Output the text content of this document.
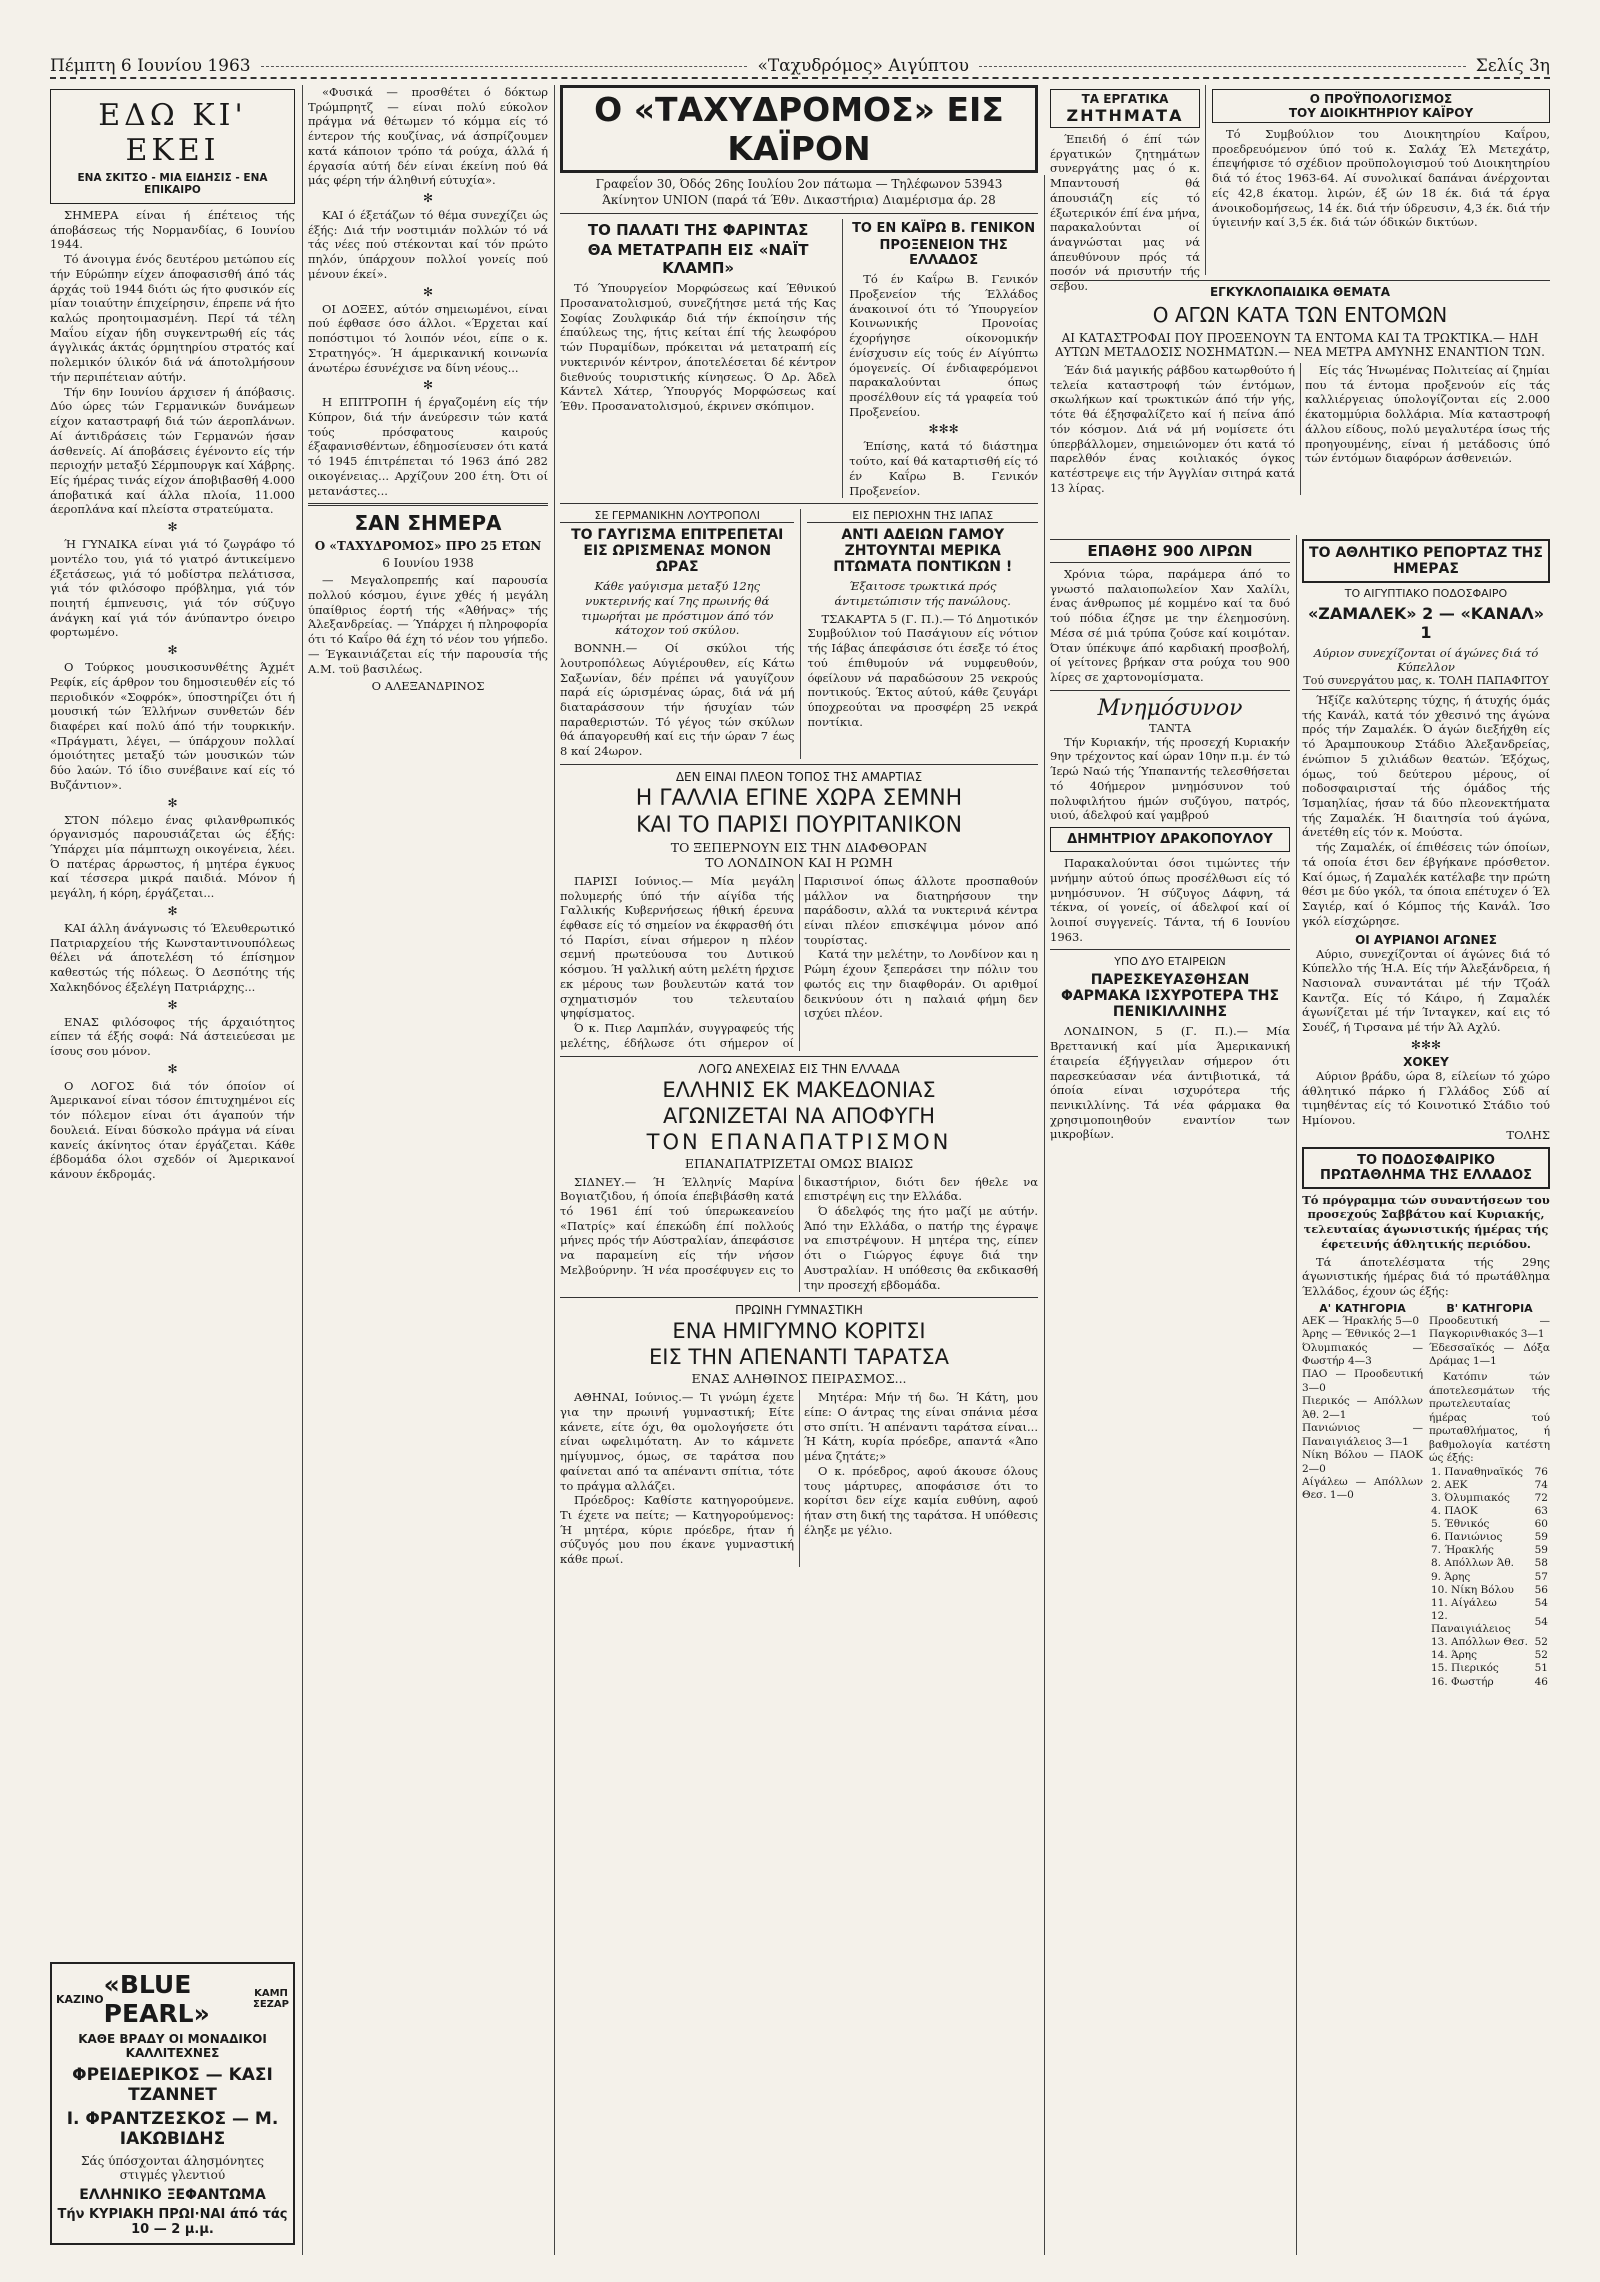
Πέμπτη 6 Ιουνίου 1963	«Ταχυδρόμος» Αιγύπτου	Σελίς 3η
ΕΔΩ ΚΙ' ΕΚΕΙ
ΕΝΑ ΣΚΙΤΣΟ - ΜΙΑ ΕΙΔΗΣΙΣ - ΕΝΑ ΕΠΙΚΑΙΡΟ

ΣΗΜΕΡΑ είναι ή έπέτειος τής άποβάσεως τής Νορμανδίας, 6 Ιουνίου 1944.

Τό άνοιγμα ένός δευτέρου μετώπου είς τήν Εύρώπην είχεν άποφασισθή άπό τάς άρχάς τοϋ 1944 διότι ώς ήτο φυσικόν είς μίαν τοιαύτην έπιχείρησιν, έπρεπε νά ήτο καλώς προητοιμασμένη. Περί τά τέλη Μαΐου είχαν ήδη συγκεντρωθή είς τάς άγγλικάς άκτάς όρμητηρίου στρατός καί πολεμικόν ύλικόν διά νά άποτολμήσουν τήν περιπέτειαν αύτήν.

Τήν 6ην Ιουνίου άρχισεν ή άπόβασις. Δύο ώρες τών Γερμανικών δυνάμεων είχον καταστραφή διά τών άεροπλάνων. Αί άντιδράσεις τών Γερμανών ήσαν άσθενείς. Αί άποβάσεις έγένοντο είς τήν περιοχήν μεταξύ Σέρμπουργκ καί Χάβρης. Είς ήμέρας τινάς είχον άποβιβασθή 4.000 άποβατικά καί άλλα πλοία, 11.000 άεροπλάνα καί πλείστα στρατεύματα.

✻

Ή ΓΥΝΑΙΚΑ είναι γιά τό ζωγράφο τό μοντέλο του, γιά τό γιατρό άντικείμενο έξετάσεως, γιά τό μοδίστρα πελάτισσα, γιά τόν φιλόσοφο πρόβλημα, γιά τόν ποιητή έμπνευσις, γιά τόν σύζυγο άνάγκη καί γιά τόν άνύπαντρο όνειρο φορτωμένο.

✻

Ο Τούρκος μουσικοσυνθέτης Άχμέτ Ρεφίκ, είς άρθρον του δημοσιευθέν είς τό περιοδικόν «Σοφρόκ», ύποστηρίζει ότι ή μουσική τών Έλλήνων συνθετών δέν διαφέρει καί πολύ άπό τήν τουρκικήν. «Πράγματι, λέγει, — ύπάρχουν πολλαί όμοιότητες μεταξύ τών μουσικών τών δύο λαών. Τό ίδιο συνέβαινε καί είς τό Βυζάντιον».

✻

ΣΤΟΝ πόλεμο ένας φιλανθρωπικός όργανισμός παρουσιάζεται ώς έξής: Ύπάρχει μία πάμπτωχη οικογένεια, λέει. Ό πατέρας άρρωστος, ή μητέρα έγκυος καί τέσσερα μικρά παιδιά. Μόνον ή μεγάλη, ή κόρη, έργάζεται...

✻

ΚΑΙ άλλη άνάγνωσις τό Έλευθερωτικό Πατριαρχείου τής Κωνσταντινουπόλεως θέλει νά άποτελέση τό έπίσημον καθεστώς τής πόλεως. Ό Δεσπότης τής Χαλκηδόνος έξελέγη Πατριάρχης...

✻

ΕΝΑΣ φιλόσοφος τής άρχαιότητος είπεν τά έξής σοφά: Νά άστειεύεσαι με ίσους σου μόνον.

✻

Ο ΛΟΓΟΣ διά τόν όποίον οί Άμερικανοί είναι τόσον έπιτυχημένοι είς τόν πόλεμον είναι ότι άγαπούν τήν δουλειά. Είναι δύσκολο πράγμα νά είναι κανείς άκίνητος όταν έργάζεται. Κάθε έβδομάδα όλοι σχεδόν οί Άμερικανοί κάνουν έκδρομάς.

ΚΑΖΙΝΟ «BLUE PEARL»
ΚΑΜΠ ΣΕΖΑΡ
ΚΑΘΕ ΒΡΑΔΥ ΟΙ ΜΟΝΑΔΙΚΟΙ ΚΑΛΛΙΤΕΧΝΕΣ
ΦΡΕΙΔΕΡΙΚΟΣ — ΚΑΣΙ ΤΖΑΝΝΕΤ
Ι. ΦΡΑΝΤΖΕΣΚΟΣ — Μ. ΙΑΚΩΒΙΔΗΣ
Σάς ύπόσχονται άλησμόνητες στιγμές γλεντιού
ΕΛΛΗΝΙΚΟ ΞΕΦΑΝΤΩΜΑ
Τήν ΚΥΡΙΑΚΗ ΠΡΩΙ·ΝΑΙ άπό τάς 10 — 2 μ.μ.

«Φυσικά — προσθέτει ό δόκτωρ Τρώμπρητζ — είναι πολύ εύκολον πράγμα νά θέτωμεν τό κόμμα είς τό έντερον τής κουζίνας, νά άσπρίζουμεν κατά κάποιον τρόπο τά ρούχα, άλλά ή έργασία αύτή δέν είναι έκείνη πού θά μάς φέρη τήν άληθινή εύτυχία».

✻

ΚΑΙ ό έξετάζων τό θέμα συνεχίζει ώς έξής: Διά τήν νοστιμιάν πολλών τό νά τάς νέες πού στέκονται καί τόν πρώτο πηλόν, ύπάρχουν πολλοί γονείς πού μένουν έκεί».

✻

ΟΙ ΔΟΞΕΣ, αύτόν σημειωμένοι, είναι πού έφθασε όσο άλλοι. «Έρχεται καί ποπόστιμοι τό λοιπόν νέοι, είπε ο κ. Στρατηγός». Ή άμερικανική κοινωνία άνωτέρω έσυνέχισε να δίνη νέους...

✻

Η ΕΠΙΤΡΟΠΗ ή έργαζομένη είς τήν Κύπρον, διά τήν άνεύρεσιν τών κατά τούς πρόσφατους καιρούς έξαφανισθέντων, έδημοσίευσεν ότι κατά τό 1945 έπιτρέπεται τό 1963 άπό 282 οικογένειας... Αρχίζουν 200 έτη. Ότι οί μετανάστες...

ΣΑΝ ΣΗΜΕΡΑ
Ο «ΤΑΧΥΔΡΟΜΟΣ» ΠΡΟ 25 ΕΤΩΝ
6 Ιουνίου 1938

— Μεγαλοπρεπής καί παρουσία πολλού κόσμου, έγινε χθές ή μεγάλη ύπαίθριος έορτή τής «Άθήνας» τής Άλεξανδρείας. — Ύπάρχει ή πληροφορία ότι τό Καΐρο θά έχη τό νέον του γήπεδο. — Έγκαινιάζεται είς τήν παρουσία τής Α.Μ. τοϋ βασιλέως.

Ο ΑΛΕΞΑΝΔΡΙΝΟΣ
Ο «ΤΑΧΥΔΡΟΜΟΣ» ΕΙΣ ΚΑΪΡΟΝ
Γραφεΐον 30, Όδός 26ης Ιουλίου 2ον πάτωμα — Τηλέφωνον 53943
Άκίνητον UNION (παρά τά Έθν. Δικαστήρια) Διαμέρισμα άρ. 28
ΤΟ ΠΑΛΑΤΙ ΤΗΣ ΦΑΡΙΝΤΑΣ
ΘΑ ΜΕΤΑΤΡΑΠΗ ΕΙΣ «ΝΑΪΤ ΚΛΑΜΠ»

Τό Ύπουργείον Μορφώσεως καί Έθνικού Προσανατολισμού, συνεζήτησε μετά τής Κας Σοφίας Ζουλφικάρ διά τήν έκποίησιν τής έπαύλεως της, ήτις κείται έπί τής λεωφόρου τών Πυραμίδων, πρόκειται νά μετατραπή είς νυκτερινόν κέντρον, άποτελέσεται δέ κέντρον διεθνούς τουριστικής κίνησεως. Ό Δρ. Άδελ Κάντελ Χάτερ, Ύπουργός Μορφώσεως καί Έθν. Προσανατολισμού, έκρινεν σκόπιμον.

ΤΟ ΕΝ ΚΑΪΡΩ Β. ΓΕΝΙΚΟΝ
ΠΡΟΞΕΝΕΙΟΝ ΤΗΣ ΕΛΛΑΔΟΣ

Τό έν Καΐρω Β. Γενικόν Προξενείον τής Έλλάδος άνακοινοί ότι τό Ύπουργείον Κοινωνικής Προνοίας έχορήγησε οίκονομικήν ένίσχυσιν είς τούς έν Αίγύπτω όμογενείς. Οί ένδιαφερόμενοι παρακαλούνται όπως προσέλθουν είς τά γραφεία τού Προξενείου.

✻✻✻

Έπίσης, κατά τό διάστημα τούτο, καί θά καταρτισθή είς τό έν Καΐρω Β. Γενικόν Προξενείον.

ΣΕ ΓΕΡΜΑΝΙΚΗΝ ΛΟΥΤΡΟΠΟΛΙ
ΤΟ ΓΑΥΓΙΣΜΑ ΕΠΙΤΡΕΠΕΤΑΙ ΕΙΣ ΩΡΙΣΜΕΝΑΣ ΜΟΝΟΝ ΩΡΑΣ

Κάθε γαύγισμα μεταξύ 12ης νυκτερινής καί 7ης πρωινής θά τιμωρήται με πρόστιμον άπό τόν κάτοχον τού σκύλου.

ΒΟΝΝΗ.— Οί σκύλοι τής λουτροπόλεως Αύγιέρουθεν, είς Κάτω Σαξωνίαν, δέν πρέπει νά γαυγίζουν παρά είς ώρισμένας ώρας, διά νά μή διαταράσσουν τήν ήσυχίαν τών παραθεριστών. Τό γέγος τών σκύλων θά άπαγορευθή καί εις τήν ώραν 7 έως 8 καί 24ωρον.

ΕΙΣ ΠΕΡΙΟΧΗΝ ΤΗΣ ΙΑΠΑΣ
ΑΝΤΙ ΑΔΕΙΩΝ ΓΑΜΟΥ ΖΗΤΟΥΝΤΑΙ ΜΕΡΙΚΑ ΠΤΩΜΑΤΑ ΠΟΝΤΙΚΩΝ !

Έξαιτοσε τρωκτικά πρός άντιμετώπισιν τής πανώλους.

ΤΣΑΚΑΡΤΑ 5 (Γ. Π.).— Τό Δημοτικόν Συμβούλιον τού Πασάγιουν είς νότιον τής Ιάβας άπεφάσισε ότι έσεξε τό έτος τού έπιθυμούν νά νυμφευθούν, όφείλουν νά παραδώσουν 25 νεκρούς ποντικούς. Έκτος αύτού, κάθε ζευγάρι ύποχρεούται να προσφέρη 25 νεκρά ποντίκια.

ΔΕΝ ΕΙΝΑΙ ΠΛΕΟΝ ΤΟΠΟΣ ΤΗΣ ΑΜΑΡΤΙΑΣ
Η ΓΑΛΛΙΑ ΕΓΙΝΕ ΧΩΡΑ ΣΕΜΝΗ
ΚΑΙ ΤΟ ΠΑΡΙΣΙ ΠΟΥΡΙΤΑΝΙΚΟΝ
ΤΟ ΞΕΠΕΡΝΟΥΝ ΕΙΣ ΤΗΝ ΔΙΑΦΘΟΡΑΝ
ΤΟ ΛΟΝΔΙΝΟΝ ΚΑΙ Η ΡΩΜΗ

ΠΑΡΙΣΙ Ιούνιος.— Μία μεγάλη πολυμερής ύπό τήν αίγίδα τής Γαλλικής Κυβερνήσεως ήθική έρευνα έφθασε είς τό σημείον να έκφρασθή ότι τό Παρίσι, είναι σήμερον η πλέον σεμνή πρωτεύουσα του Δυτικού κόσμου. Ή γαλλική αύτη μελέτη ήρχισε εκ μέρους των βουλευτών κατά τον σχηματισμόν του τελευταίου ψηφίσματος.

Ό κ. Πιερ Λαμπλάν, συγγραφεύς τής μελέτης, έδήλωσε ότι σήμερον οί Παρισινοί όπως άλλοτε προσπαθούν μάλλον να διατηρήσουν την παράδοσιν, αλλά τα νυκτερινά κέντρα είναι πλέον επισκέψιμα μόνον από τουρίστας.

Κατά την μελέτην, το Λονδίνον και η Ρώμη έχουν ξεπεράσει την πόλιν του φωτός εις την διαφθοράν. Οι αριθμοί δεικνύουν ότι η παλαιά φήμη δεν ισχύει πλέον.

ΛΟΓΩ ΑΝΕΧΕΙΑΣ ΕΙΣ ΤΗΝ ΕΛΛΑΔΑ
ΕΛΛΗΝΙΣ ΕΚ ΜΑΚΕΔΟΝΙΑΣ
ΑΓΩΝΙΖΕΤΑΙ ΝΑ ΑΠΟΦΥΓΗ
ΤΟΝ ΕΠΑΝΑΠΑΤΡΙΣΜΟΝ
ΕΠΑΝΑΠΑΤΡΙΖΕΤΑΙ ΟΜΩΣ ΒΙΑΙΩΣ

ΣΙΔΝΕΥ.— Ή Έλληνίς Μαρίνα Βογιατζιδου, ή όποία έπεβιβάσθη κατά τό 1961 έπί τού ύπερωκεανείου «Πατρίς» καί έπεκώδη έπί πολλούς μήνες πρός τήν Αύστραλίαν, άπεφάσισε να παραμείνη είς τήν νήσον Μελβούρνην. Ή νέα προσέφυγεν εις το δικαστήριον, διότι δεν ήθελε να επιστρέψη εις την Ελλάδα.

Ό άδελφός της ήτο μαζί με αύτήν. Άπό την Ελλάδα, ο πατήρ της έγραψε να επιστρέψουν. Η μητέρα της, είπεν ότι ο Γιώργος έφυγε διά την Αυστραλίαν. Η υπόθεσις θα εκδικασθή την προσεχή εβδομάδα.

ΠΡΩΙΝΗ ΓΥΜΝΑΣΤΙΚΗ
ΕΝΑ ΗΜΙΓΥΜΝΟ ΚΟΡΙΤΣΙ
ΕΙΣ ΤΗΝ ΑΠΕΝΑΝΤΙ ΤΑΡΑΤΣΑ
ΕΝΑΣ ΑΛΗΘΙΝΟΣ ΠΕΙΡΑΣΜΟΣ...

ΑΘΗΝΑΙ, Ιούνιος.— Τι γνώμη έχετε για την πρωινή γυμναστική; Είτε κάνετε, είτε όχι, θα ομολογήσετε ότι είναι ωφελιμότατη. Αν το κάμνετε ημίγυμνος, όμως, σε ταράτσα που φαίνεται από τα απέναντι σπίτια, τότε το πράγμα αλλάζει.

Πρόεδρος: Καθίστε κατηγορούμενε. Τι έχετε να πείτε; — Κατηγορούμενος: Ή μητέρα, κύριε πρόεδρε, ήταν ή σύζυγός μου που έκανε γυμναστική κάθε πρωί.

Μητέρα: Μήν τή δω. Ή Κάτη, μου είπε: Ο άντρας της είναι σπάνια μέσα στο σπίτι. Ή απέναντι ταράτσα είναι... Ή Κάτη, κυρία πρόεδρε, απαντά «Άπο μένα ζητάτε;»

Ο κ. πρόεδρος, αφού άκουσε όλους τους μάρτυρες, αποφάσισε ότι το κορίτσι δεν είχε καμία ευθύνη, αφού ήταν στη δική της ταράτσα. Η υπόθεσις έληξε με γέλιο.

ΤΑ ΕΡΓΑΤΙΚΑ
ΖΗΤΗΜΑΤΑ

Έπειδή ό έπί τών έργατικών ζητημάτων συνεργάτης μας ό κ. Μπαντουσή θά άπουσιάζη είς τό έξωτερικόν έπί ένα μήνα, παρακαλούνται οί άναγνώσται μας νά άπευθύνουν πρός τά ποσόν νά πρισυτήν τής σεβου.

Ο ΠΡΟΫΠΟΛΟΓΙΣΜΟΣ
ΤΟΥ ΔΙΟΙΚΗΤΗΡΙΟΥ ΚΑΪΡΟΥ

Τό Συμβούλιον του Διοικητηρίου Καΐρου, προεδρευόμενον ύπό τού κ. Σαλάχ Έλ Μετεχάτρ, έπεψήφισε τό σχέδιον προϋπολογισμού τού Διοικητηρίου διά τό έτος 1963-64. Αί συνολικαί δαπάναι άνέρχονται είς 42,8 έκατομ. λιρών, έξ ών 18 έκ. διά τά έργα άνοικοδομήσεως, 14 έκ. διά τήν ύδρευσιν, 4,3 έκ. διά τήν ύγιεινήν καί 3,5 έκ. διά τών όδικών δικτύων.

ΕΓΚΥΚΛΟΠΑΙΔΙΚΑ ΘΕΜΑΤΑ
Ο ΑΓΩΝ ΚΑΤΑ ΤΩΝ ΕΝΤΟΜΩΝ
ΑΙ ΚΑΤΑΣΤΡΟΦΑΙ ΠΟΥ ΠΡΟΞΕΝΟΥΝ ΤΑ ΕΝΤΟΜΑ ΚΑΙ ΤΑ ΤΡΩΚΤΙΚΑ.— ΗΔΗ ΑΥΤΩΝ ΜΕΤΑΔΟΣΙΣ ΝΟΣΗΜΑΤΩΝ.— ΝΕΑ ΜΕΤΡΑ ΑΜΥΝΗΣ ΕΝΑΝΤΙΟΝ ΤΩΝ.

Έάν διά μαγικής ράβδου κατωρθούτο ή τελεία καταστροφή τών έντόμων, σκωλήκων καί τρωκτικών άπό τήν γής, τότε θά έξησφαλίζετο καί ή πείνα άπό τόν κόσμον. Διά νά μή νομίσετε ότι ύπερβάλλομεν, σημειώνομεν ότι κατά τό παρελθόν ένας κοιλιακός όγκος κατέστρεψε εις τήν Άγγλίαν σιτηρά κατά 13 λίρας.

Είς τάς Ήνωμένας Πολιτείας αί ζημίαι που τά έντομα προξενούν είς τάς καλλιέργειας ύπολογίζονται είς 2.000 έκατομμύρια δολλάρια. Μία καταστροφή άλλου είδους, πολύ μεγαλυτέρα ίσως τής προηγουμένης, είναι ή μετάδοσις ύπό τών έντόμων διαφόρων άσθενειών.

ΕΠΑΘΗΣ 900 ΛΙΡΩΝ

Χρόνια τώρα, παράμερα άπό το γνωστό παλαιοπωλείον Χαν Χαλίλι, ένας άνθρωπος μέ κομμένο καί τα δυό τού πόδια έζησε με την έλεημοσύνη. Μέσα σέ μιά τρύπα ζούσε καί κοιμόταν. Όταν ύπέκυψε άπό καρδιακή προσβολή, οί γείτονες βρήκαν στα ρούχα του 900 λίρες σε χαρτονομίσματα.

Μνημόσυνον
ΤΑΝΤΑ

Τήν Κυριακήν, τής προσεχή Κυριακήν 9ην τρέχοντος καί ώραν 10ην π.μ. έν τώ Ίερώ Ναώ τής Ύπαπαντής τελεσθήσεται τό 40ήμερον μνημόσυνον τού πολυφιλήτου ήμών συζύγου, πατρός, υιού, άδελφού καί γαμβρού

ΔΗΜΗΤΡΙΟΥ ΔΡΑΚΟΠΟΥΛΟΥ

Παρακαλούνται όσοι τιμώντες τήν μνήμην αύτού όπως προσέλθωσι είς τό μνημόσυνον. Ή σύζυγος Δάφνη, τά τέκνα, οί γονείς, οί άδελφοί καί οί λοιποί συγγενείς. Τάντα, τή 6 Ιουνίου 1963.

ΥΠΟ ΔΥΟ ΕΤΑΙΡΕΙΩΝ
ΠΑΡΕΣΚΕΥΑΣΘΗΣΑΝ ΦΑΡΜΑΚΑ ΙΣΧΥΡΟΤΕΡΑ ΤΗΣ ΠΕΝΙΚΙΛΛΙΝΗΣ

ΛΟΝΔΙΝΟΝ, 5 (Γ. Π.).— Μία Βρεττανική καί μία Άμερικανική έταιρεία έξήγγειλαν σήμερον ότι παρεσκεύασαν νέα άντιβιοτικά, τά όποία είναι ισχυρότερα τής πενικιλλίνης. Τά νέα φάρμακα θα χρησιμοποιηθούν εναντίον των μικροβίων.

ΤΟ ΑΘΛΗΤΙΚΟ ΡΕΠΟΡΤΑΖ ΤΗΣ ΗΜΕΡΑΣ
ΤΟ ΑΙΓΥΠΤΙΑΚΟ ΠΟΔΟΣΦΑΙΡΟ
«ΖΑΜΑΛΕΚ» 2 — «ΚΑΝΑΛ» 1
Αύριον συνεχίζονται οί άγώνες διά τό Κύπελλον
Τού συνεργάτου μας, κ. ΤΟΛΗ ΠΑΠΑΦΙΤΟΥ

Ήξίζε καλύτερης τύχης, ή άτυχής όμάς τής Κανάλ, κατά τόν χθεσινό της άγώνα πρός τήν Ζαμαλέκ. Ό άγών διεξήχθη είς τό Άραμπουκουρ Στάδιο Άλεξανδρείας, ένώπιον 5 χιλιάδων θεατών. Έξόχως, όμως, τού δεύτερου μέρους, οί ποδοσφαιρισταί τής όμάδος τής Ίσμαηλίας, ήσαν τά δύο πλεονεκτήματα τής Ζαμαλέκ. Ή διαιτησία τού άγώνα, άνετέθη είς τόν κ. Μούστα.

τής Ζαμαλέκ, οί έπιθέσεις τών όποίων, τά οποία έτσι δεν έβγήκανε πρόσθετον. Καί όμως, ή Ζαμαλέκ κατέλαβε την πρώτη θέσι με δύο γκόλ, τα όποια επέτυχεν ό Έλ Σαγιέρ, καί ό Κόμπος τής Κανάλ. Ίσο γκόλ είσχώρησε.

ΟΙ ΑΥΡΙΑΝΟΙ ΑΓΩΝΕΣ

Αύριο, συνεχίζονται οί άγώνες διά τό Κύπελλο τής Ή.Α. Είς τήν Άλεξάνδρεια, ή Νασιοναλ συναντάται μέ τήν Τζοάλ Καντζα. Είς τό Κάιρο, ή Ζαμαλέκ άγωνίζεται μέ τήν Ίνταγκεν, καί εις τό Σουέζ, ή Τιρσανα μέ τήν Άλ Αχλύ.

✻✻✻
ΧΟΚΕΥ

Αύριον βράδυ, ώρα 8, είλείων τό χώρο άθλητικό πάρκο ή Γλλάδος Σύδ αί τιμηθέντας είς τό Κοινοτικό Στάδιο τού Ημίονου.

ΤΟΛΗΣ
ΤΟ ΠΟΔΟΣΦΑΙΡΙΚΟ ΠΡΩΤΑΘΛΗΜΑ ΤΗΣ ΕΛΛΑΔΟΣ

Τό πρόγραμμα τών συναντήσεων του προσεχούς Σαββάτου καί Κυριακής, τελευταίας άγωνιστικής ήμέρας τής έφετεινής άθλητικής περιόδου.

Τά άποτελέσματα τής 29ης άγωνιστικής ήμέρας διά τό πρωτάθλημα Έλλάδος, έχουν ώς έξής:

Α' ΚΑΤΗΓΟΡΙΑ
ΑΕΚ — Ήρακλής 5—0
Άρης — Έθνικός 2—1
Όλυμπιακός — Φωστήρ 4—3
ΠΑΟ — Προοδευτική 3—0
Πιερικός — Απόλλων Άθ. 2—1
Πανιώνιος — Παναιγιάλειος 3—1
Νίκη Βόλου — ΠΑΟΚ 2—0
Αίγάλεω — Απόλλων Θεσ. 1—0
Β' ΚΑΤΗΓΟΡΙΑ
Προοδευτική — Παγκορινθιακός 3—1
Έδεσσαϊκός — Δόξα Δράμας 1—1

Κατόπιν τών άποτελεσμάτων τής πρωτελευταίας ήμέρας τού πρωταθλήματος, ή βαθμολογία κατέστη ώς έξής:

1. Παναθηναϊκός	76
2. ΑΕΚ	74
3. Όλυμπιακός	72
4. ΠΑΟΚ	63
5. Έθνικός	60
6. Πανιώνιος	59
7. Ήρακλής	59
8. Απόλλων Άθ.	58
9. Άρης	57
10. Νίκη Βόλου	56
11. Αίγάλεω	54
12. Παναιγιάλειος	54
13. Απόλλων Θεσ.	52
14. Άρης	52
15. Πιερικός	51
16. Φωστήρ	46
